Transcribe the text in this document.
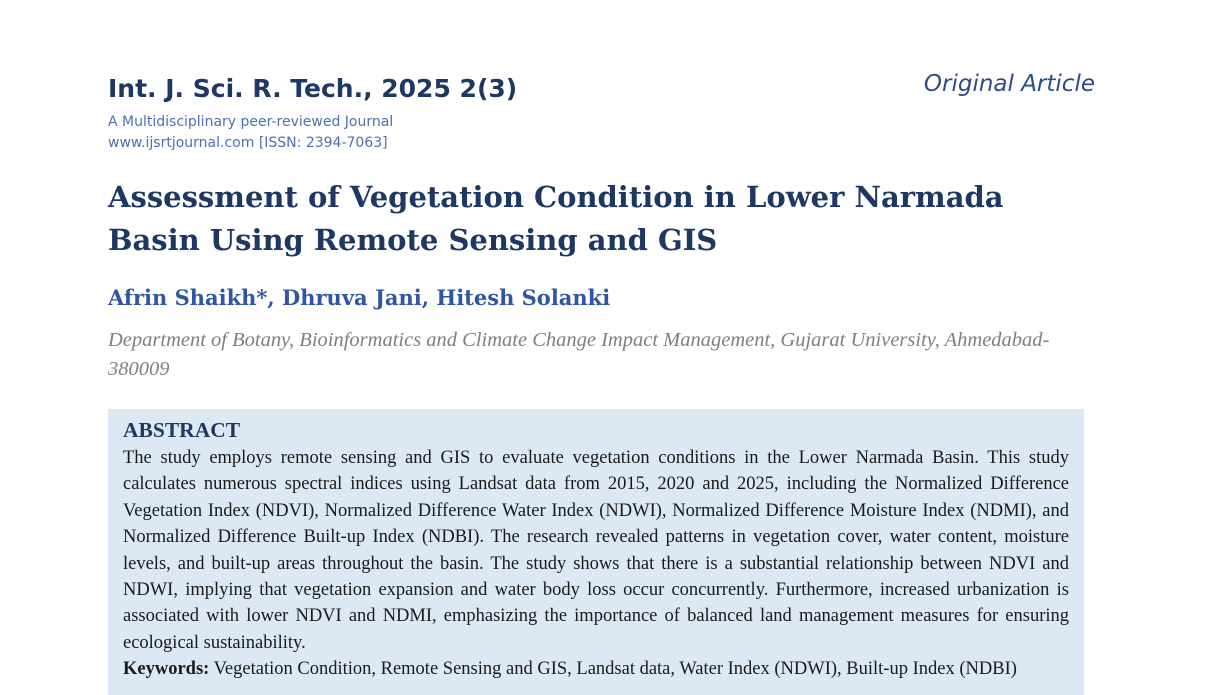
Int. J. Sci. R. Tech., 2025 2(3)	Original Article
A Multidisciplinary peer-reviewed Journal
www.ijsrtjournal.com [ISSN: 2394-7063]
Assessment of Vegetation Condition in Lower Narmada Basin Using Remote Sensing and GIS
Afrin Shaikh*, Dhruva Jani, Hitesh Solanki
Department of Botany, Bioinformatics and Climate Change Impact Management, Gujarat University, Ahmedabad- 380009
ABSTRACT

The study employs remote sensing and GIS to evaluate vegetation conditions in the Lower Narmada Basin. This study calculates numerous spectral indices using Landsat data from 2015, 2020 and 2025, including the Normalized Difference Vegetation Index (NDVI), Normalized Difference Water Index (NDWI), Normalized Difference Moisture Index (NDMI), and Normalized Difference Built-up Index (NDBI). The research revealed patterns in vegetation cover, water content, moisture levels, and built-up areas throughout the basin. The study shows that there is a substantial relationship between NDVI and NDWI, implying that vegetation expansion and water body loss occur concurrently. Furthermore, increased urbanization is associated with lower NDVI and NDMI, emphasizing the importance of balanced land management measures for ensuring ecological sustainability.

Keywords: Vegetation Condition, Remote Sensing and GIS, Landsat data, Water Index (NDWI), Built-up Index (NDBI)
